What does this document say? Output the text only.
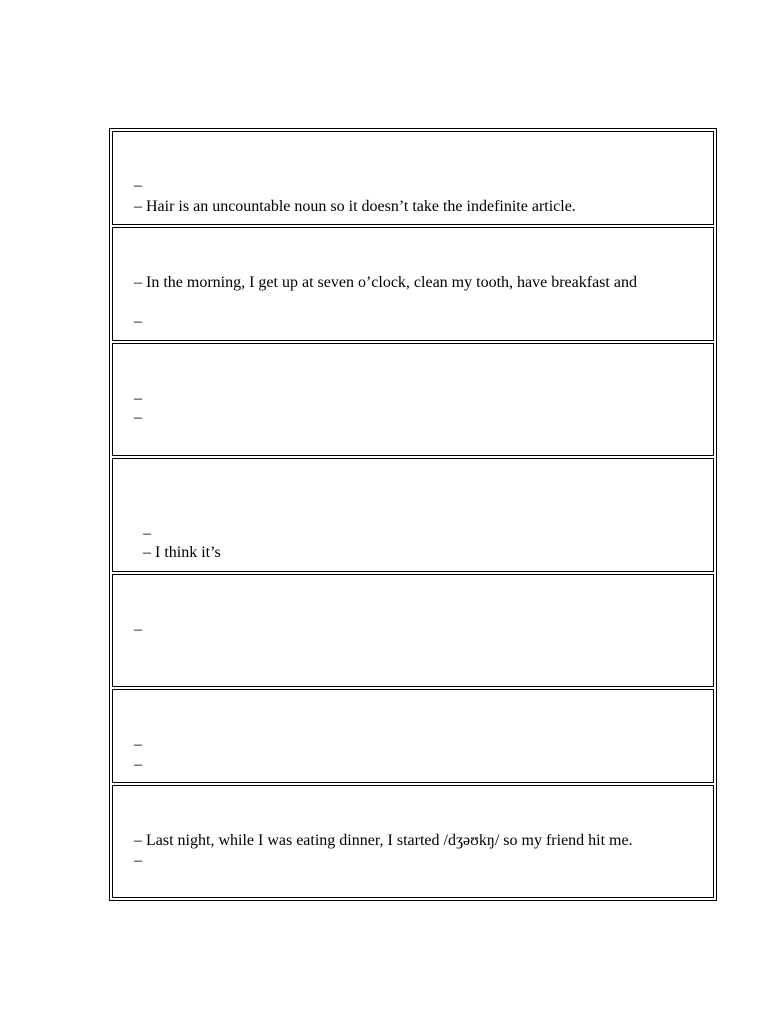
–
– Hair is an uncountable noun so it doesn’t take the indefinite article.
– In the morning, I get up at seven o’clock, clean my tooth, have breakfast and
–
–
–
–
– I think it’s
–
–
–
– Last night, while I was eating dinner, I started /dʒəʊkŋ/ so my friend hit me.
–
